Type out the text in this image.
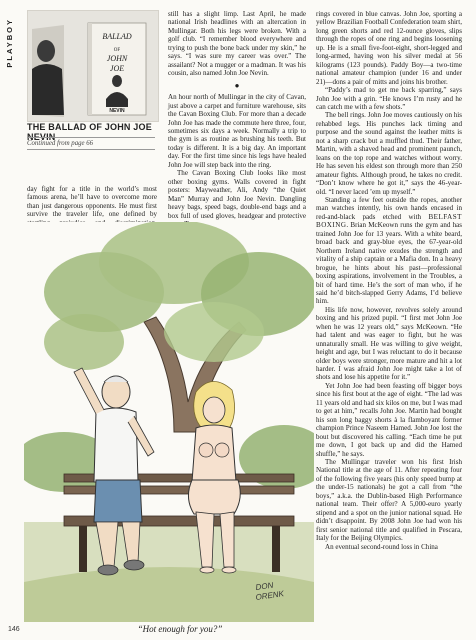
PLAYBOY	BALLAD
OF
JOHN
JOE
NEVIN
THE BALLAD OF JOHN JOE NEVIN
Continued from page 66

day fight for a title in the world’s most famous arena, he’ll have to overcome more than just dangerous opponents. He must first survive the traveler life, one defined by

still has a slight limp. Last April, he made national Irish headlines with an altercation in Mullingar. Both his legs were broken. With a golf club. “I remember blood everywhere and trying to push the bone back under my skin,” he says. “I was sure my career was over.” The assailant? Not a mugger or a madman. It was his cousin, also named John Joe Nevin.

●

An hour north of Mullingar in the city of Cavan, just above a carpet and furniture warehouse, sits the Cavan Boxing Club. For more than a decade John Joe has made the commute here three, four, sometimes six days a week. Normally a trip to the gym is as routine as brushing his teeth. But today is different. It is a big day. An important day. For the first time since his legs have healed John Joe will step back into the ring.

The Cavan Boxing Club looks like most other boxing gyms. Walls covered in fight posters: Mayweather, Ali, Andy “the Quiet Man” Murray and John Joe Nevin. Dangling heavy bags, speed bags, double-end bags and a box full of used gloves, headgear and protective

rings covered in blue canvas. John Joe, sporting a yellow Brazilian Football Confederation team shirt, long green shorts and red 12-ounce gloves, slips through the ropes of one ring and begins loosening up. He is a small five-foot-eight, short-legged and long-armed, having won his silver medal at 56 kilograms (123 pounds). Paddy Boy—a two-time national amateur champion (under 16 and under 21)—dons a pair of mitts and joins his brother.

“Paddy’s mad to get me back sparring,” says John Joe with a grin. “He knows I’m rusty and he can catch me with a few shots.”

The bell rings. John Joe moves cautiously on his rehabbed legs. His punches lack timing and purpose and the sound against the leather mitts is not a sharp crack but a muffled thud. Their father, Martin, with a shaved head and prominent paunch, leans on the top rope and watches without worry. He has seven his eldest son through more than 250 amateur fights. Although proud, he takes no credit. “Don’t know where he got it,” says the 46-year-old. “I never laced ’em up myself.”

Standing a few feet outside the ropes, another man watches intently, his own hands encased in red-and-black pads etched with BELFAST BOXING. Brian McKeown runs the gym and has trained John Joe for 13 years. With a white beard, broad back and gray-blue eyes, the 67-year-old Northern Ireland native exudes the strength and vitality of a ship captain or a Mafia don. In a heavy brogue, he hints about his past—professional boxing aspirations, involvement in the Troubles, a bit of hard time. He’s the sort of man who, if he said he’d bitch-slapped Gerry Adams, I’d believe him.

His life now, however, revolves solely around boxing and his prized pupil. “I first met John Joe when he was 12 years old,” says McKeown. “He had talent and was eager to fight, but he was unnaturally small. He was willing to give weight, height and age, but I was reluctant to do it because older boys were stronger, more mature and hit a lot harder. I was afraid John Joe might take a lot of shots and lose his appetite for it.”

Yet John Joe had been feasting off bigger boys since his first bout at the age of eight. “The lad was 11 years old and had six kilos on me, but I was mad to get at him,” recalls John Joe. Martin had bought his son long baggy shorts à la flamboyant former champion Prince Naseem Hamed. John Joe lost the bout but discovered his calling. “Each time he put me down, I got back up and did the Hamed shuffle,” he says.

The Mullingar traveler won his first Irish National title at the age of 11. After repeating four of the following five years (his only speed bump at the under-15 nationals) he got a call from “the boys,” a.k.a. the Dublin-based High Performance national team. Their offer? A 5,000-euro yearly stipend and a spot on the junior national squad. He didn’t disappoint. By 2008 John Joe had won his first senior national title and qualified in Pescara, Italy for the Beijing Olympics.

An eventual second-round loss in China

DON
ORENK
“Hot enough for you?”
146
